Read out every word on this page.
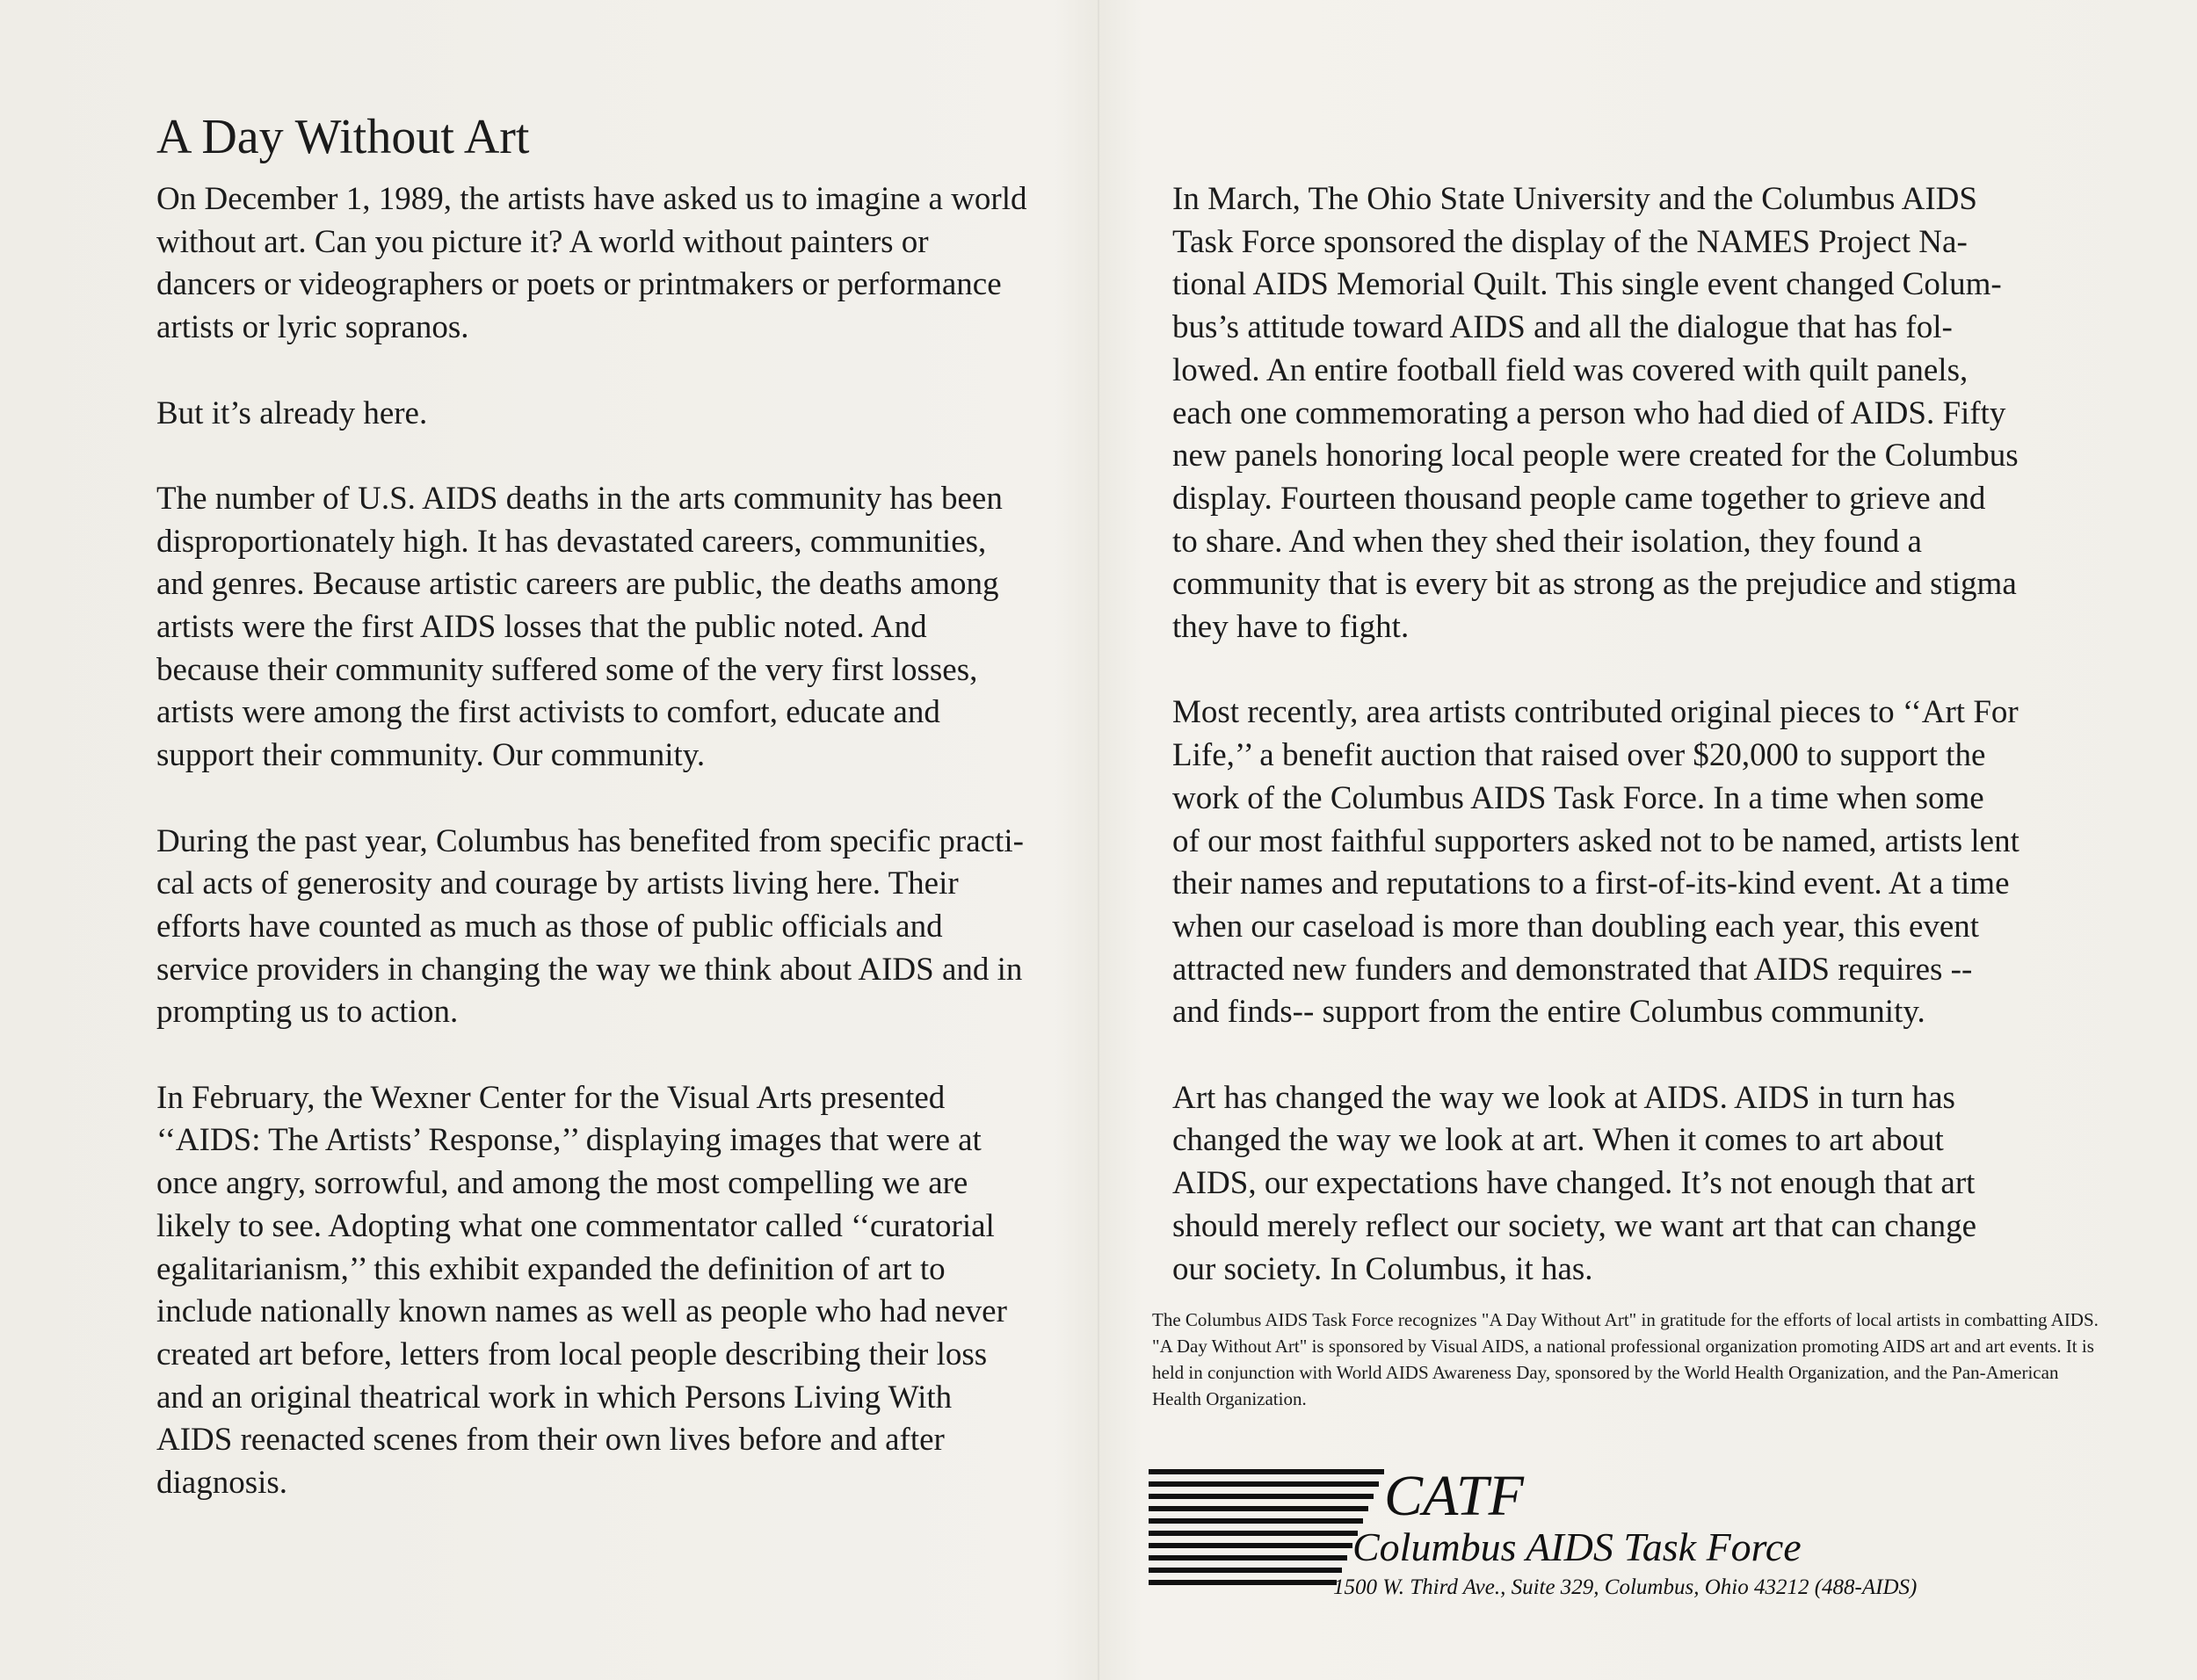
A Day Without Art

On December 1, 1989, the artists have asked us to imagine a world
without art. Can you picture it? A world without painters or
dancers or videographers or poets or printmakers or performance
artists or lyric sopranos.

But it’s already here.

The number of U.S. AIDS deaths in the arts community has been
disproportionately high. It has devastated careers, communities,
and genres. Because artistic careers are public, the deaths among
artists were the first AIDS losses that the public noted. And
because their community suffered some of the very first losses,
artists were among the first activists to comfort, educate and
support their community. Our community.

During the past year, Columbus has benefited from specific practi-
cal acts of generosity and courage by artists living here. Their
efforts have counted as much as those of public officials and
service providers in changing the way we think about AIDS and in
prompting us to action.

In February, the Wexner Center for the Visual Arts presented
‘‘AIDS: The Artists’ Response,’’ displaying images that were at
once angry, sorrowful, and among the most compelling we are
likely to see. Adopting what one commentator called ‘‘curatorial
egalitarianism,’’ this exhibit expanded the definition of art to
include nationally known names as well as people who had never
created art before, letters from local people describing their loss
and an original theatrical work in which Persons Living With
AIDS reenacted scenes from their own lives before and after
diagnosis.

In March, The Ohio State University and the Columbus AIDS
Task Force sponsored the display of the NAMES Project Na-
tional AIDS Memorial Quilt. This single event changed Colum-
bus’s attitude toward AIDS and all the dialogue that has fol-
lowed. An entire football field was covered with quilt panels,
each one commemorating a person who had died of AIDS. Fifty
new panels honoring local people were created for the Columbus
display. Fourteen thousand people came together to grieve and
to share. And when they shed their isolation, they found a
community that is every bit as strong as the prejudice and stigma
they have to fight.

Most recently, area artists contributed original pieces to ‘‘Art For
Life,’’ a benefit auction that raised over $20,000 to support the
work of the Columbus AIDS Task Force. In a time when some
of our most faithful supporters asked not to be named, artists lent
their names and reputations to a first-of-its-kind event. At a time
when our caseload is more than doubling each year, this event
attracted new funders and demonstrated that AIDS requires --
and finds-- support from the entire Columbus community.

Art has changed the way we look at AIDS. AIDS in turn has
changed the way we look at art. When it comes to art about
AIDS, our expectations have changed. It’s not enough that art
should merely reflect our society, we want art that can change
our society. In Columbus, it has.

The Columbus AIDS Task Force recognizes "A Day Without Art" in gratitude for the efforts of local artists in combatting AIDS.

"A Day Without Art" is sponsored by Visual AIDS, a national professional organization promoting AIDS art and art events. It is held in conjunction with World AIDS Awareness Day, sponsored by the World Health Organization, and the Pan-American Health Organization.

CATF
Columbus AIDS Task Force
1500 W. Third Ave., Suite 329, Columbus, Ohio 43212 (488-AIDS)
